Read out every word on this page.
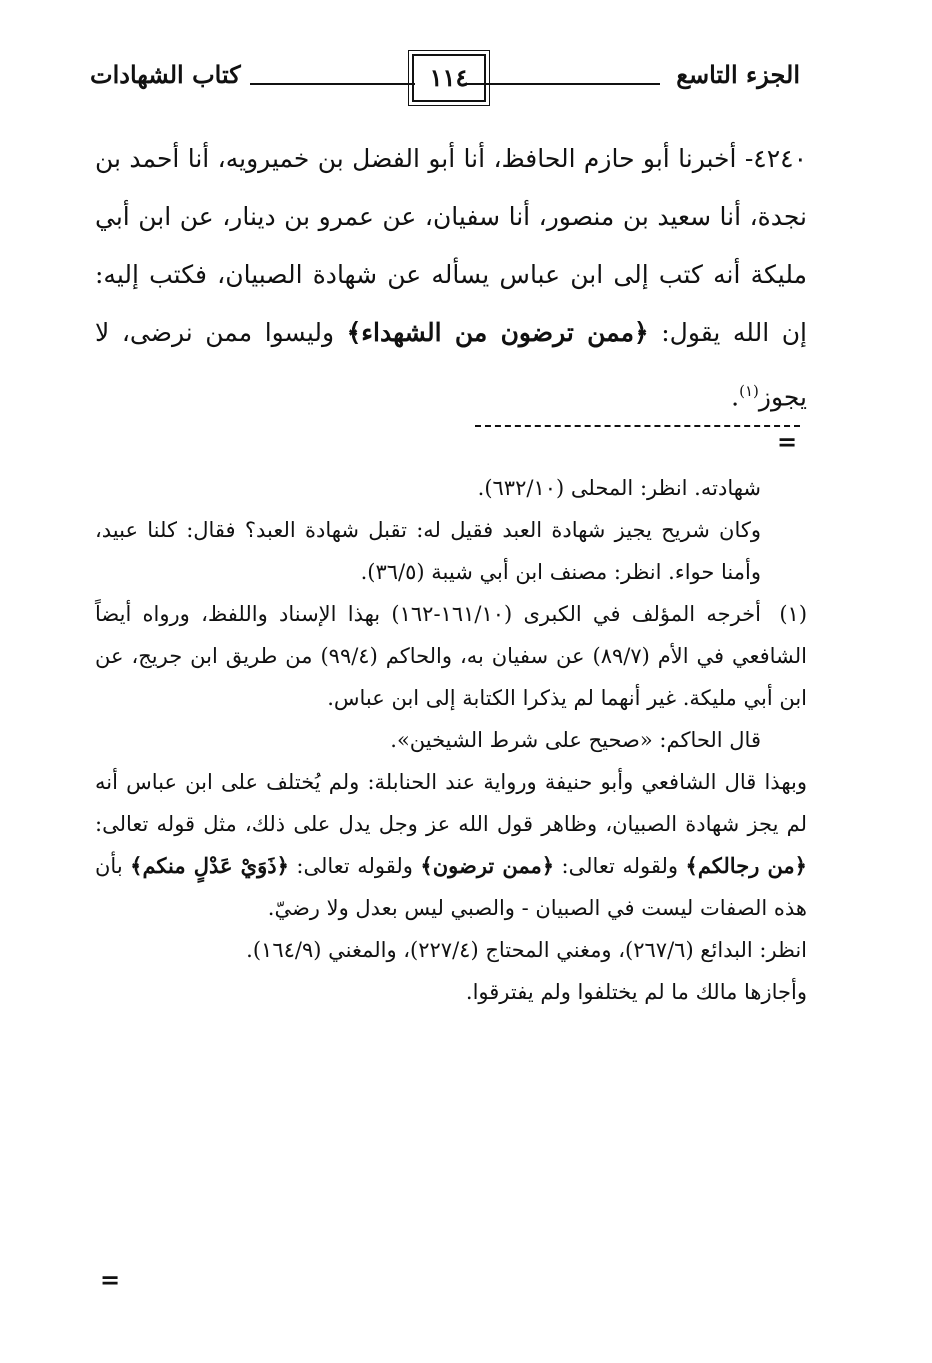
الجزء التاسع
١١٤
كتاب الشهادات

٤٢٤٠- أخبرنا أبو حازم الحافظ، أنا أبو الفضل بن خميرويه، أنا أحمد بن نجدة، أنا سعيد بن منصور، أنا سفيان، عن عمرو بن دينار، عن ابن أبي مليكة أنه كتب إلى ابن عباس يسأله عن شهادة الصبيان، فكتب إليه: إن الله يقول: ﴿ممن ترضون من الشهداء﴾ وليسوا ممن نرضى، لا يجوز$^{(١)}$.

=

شهادته. انظر: المحلى (٦٣٢/١٠).

وكان شريح يجيز شهادة العبد فقيل له: تقبل شهادة العبد؟ فقال: كلنا عبيد، وأمنا حواء. انظر: مصنف ابن أبي شيبة (٣٦/٥).

(١)أخرجه المؤلف في الكبرى (١٦١/١٠-١٦٢) بهذا الإسناد واللفظ، ورواه أيضاً الشافعي في الأم (٨٩/٧) عن سفيان به، والحاكم (٩٩/٤) من طريق ابن جريج، عن ابن أبي مليكة. غير أنهما لم يذكرا الكتابة إلى ابن عباس.

قال الحاكم: «صحيح على شرط الشيخين».

وبهذا قال الشافعي وأبو حنيفة ورواية عند الحنابلة: ولم يُختلف على ابن عباس أنه لم يجز شهادة الصبيان، وظاهر قول الله عز وجل يدل على ذلك، مثل قوله تعالى: ﴿من رجالكم﴾ ولقوله تعالى: ﴿ممن ترضون﴾ ولقوله تعالى: ﴿ذَوَيْ عَدْلٍ منكم﴾ بأن هذه الصفات ليست في الصبيان - والصبي ليس بعدل ولا رضيّ.

انظر: البدائع (٢٦٧/٦)، ومغني المحتاج (٢٢٧/٤)، والمغني (١٦٤/٩).

وأجازها مالك ما لم يختلفوا ولم يفترقوا.

=
